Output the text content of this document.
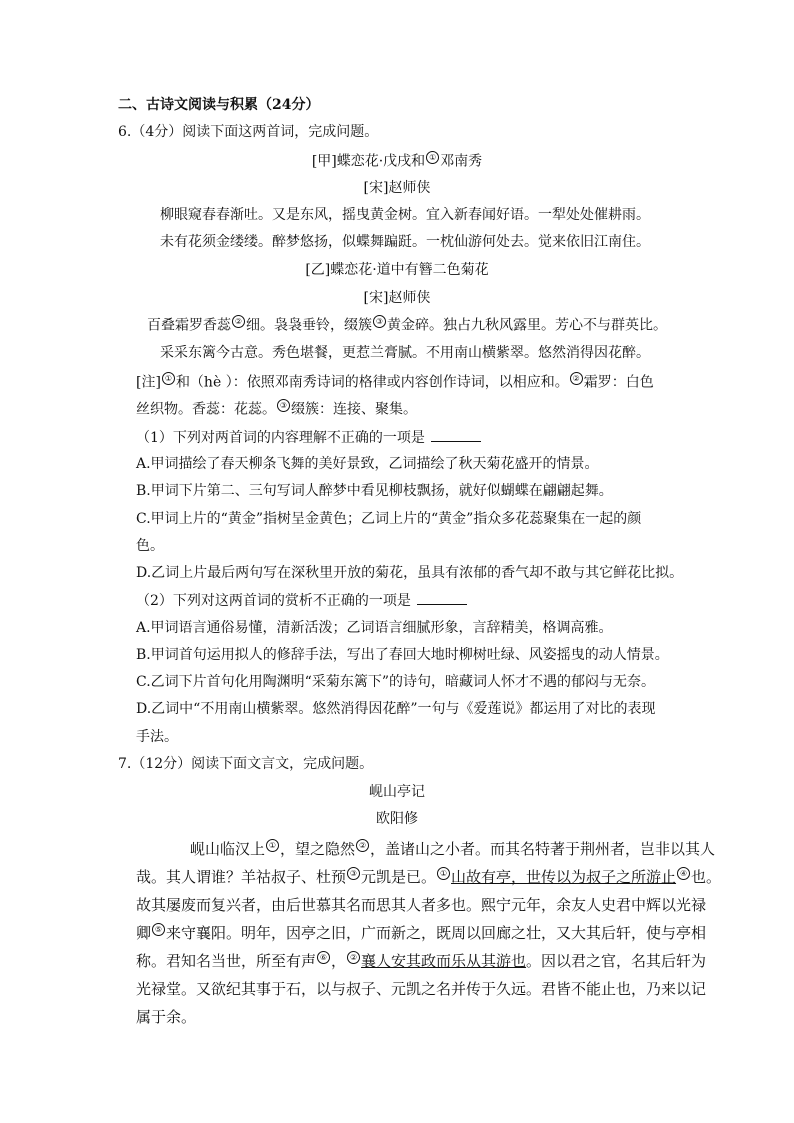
二、古诗文阅读与积累（24分）
6.（4分）阅读下面这两首词，完成问题。
[甲]蝶恋花·戊戌和 ① 邓南秀
[宋]赵师侠
柳眼窥春春渐吐。又是东风，摇曳黄金树。宜入新春闻好语。一犁处处催耕雨。
未有花须金缕缕。醉梦悠扬，似蝶舞蹁跹。一枕仙游何处去。觉来依旧江南住。
[乙]蝶恋花·道中有簪二色菊花
[宋]赵师侠
百叠霜罗香蕊 ② 细。袅袅垂铃，缀簇 ③ 黄金碎。独占九秋风露里。芳心不与群英比。
采采东篱今古意。秀色堪餐，更惹兰膏腻。不用南山横紫翠。悠然消得因花醉。
[注] ① 和（hè ）：依照邓南秀诗词的格律或内容创作诗词，以相应和。 ② 霜罗：白色
丝织物。香蕊：花蕊。 ③ 缀簇：连接、聚集。
（1）下列对两首词的内容理解不正确的一项是
A.甲词描绘了春天柳条飞舞的美好景致，乙词描绘了秋天菊花盛开的情景。
B.甲词下片第二、三句写词人醉梦中看见柳枝飘扬，就好似蝴蝶在翩翩起舞。
C.甲词上片的“黄金”指树呈金黄色；乙词上片的“黄金”指众多花蕊聚集在一起的颜
色。
D.乙词上片最后两句写在深秋里开放的菊花，虽具有浓郁的香气却不敢与其它鲜花比拟。
（2）下列对这两首词的赏析不正确的一项是
A.甲词语言通俗易懂，清新活泼；乙词语言细腻形象，言辞精美，格调高雅。
B.甲词首句运用拟人的修辞手法，写出了春回大地时柳树吐绿、风姿摇曳的动人情景。
C.乙词下片首句化用陶渊明“采菊东篱下”的诗句，暗藏词人怀才不遇的郁闷与无奈。
D.乙词中“不用南山横紫翠。悠然消得因花醉”一句与《爱莲说》都运用了对比的表现
手法。
7.（12分）阅读下面文言文，完成问题。
岘山亭记
欧阳修
岘山临汉上 ① ，望之隐然 ② ，盖诸山之小者。而其名特著于荆州者，岂非以其人
哉。其人谓谁？羊祜叔子、杜预 ③ 元凯是已。 ① 山故有亭，世传以为叔子之所游止 ④ 也。
故其屡废而复兴者，由后世慕其名而思其人者多也。熙宁元年，余友人史君中辉以光禄
卿 ⑤ 来守襄阳。明年，因亭之旧，广而新之，既周以回廊之壮，又大其后轩，使与亭相
称。君知名当世，所至有声 ⑥ ， ② 襄人安其政而乐从其游也。因以君之官，名其后轩为
光禄堂。又欲纪其事于石，以与叔子、元凯之名并传于久远。君皆不能止也，乃来以记
属于余。
